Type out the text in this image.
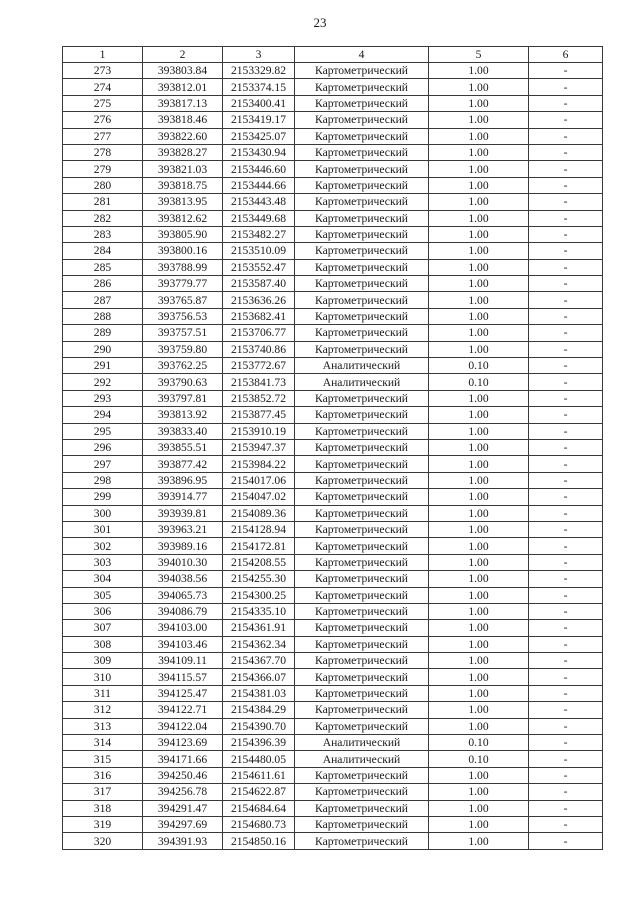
23
1	2	3	4	5	6
273	393803.84	2153329.82	Картометрический	1.00	-
274	393812.01	2153374.15	Картометрический	1.00	-
275	393817.13	2153400.41	Картометрический	1.00	-
276	393818.46	2153419.17	Картометрический	1.00	-
277	393822.60	2153425.07	Картометрический	1.00	-
278	393828.27	2153430.94	Картометрический	1.00	-
279	393821.03	2153446.60	Картометрический	1.00	-
280	393818.75	2153444.66	Картометрический	1.00	-
281	393813.95	2153443.48	Картометрический	1.00	-
282	393812.62	2153449.68	Картометрический	1.00	-
283	393805.90	2153482.27	Картометрический	1.00	-
284	393800.16	2153510.09	Картометрический	1.00	-
285	393788.99	2153552.47	Картометрический	1.00	-
286	393779.77	2153587.40	Картометрический	1.00	-
287	393765.87	2153636.26	Картометрический	1.00	-
288	393756.53	2153682.41	Картометрический	1.00	-
289	393757.51	2153706.77	Картометрический	1.00	-
290	393759.80	2153740.86	Картометрический	1.00	-
291	393762.25	2153772.67	Аналитический	0.10	-
292	393790.63	2153841.73	Аналитический	0.10	-
293	393797.81	2153852.72	Картометрический	1.00	-
294	393813.92	2153877.45	Картометрический	1.00	-
295	393833.40	2153910.19	Картометрический	1.00	-
296	393855.51	2153947.37	Картометрический	1.00	-
297	393877.42	2153984.22	Картометрический	1.00	-
298	393896.95	2154017.06	Картометрический	1.00	-
299	393914.77	2154047.02	Картометрический	1.00	-
300	393939.81	2154089.36	Картометрический	1.00	-
301	393963.21	2154128.94	Картометрический	1.00	-
302	393989.16	2154172.81	Картометрический	1.00	-
303	394010.30	2154208.55	Картометрический	1.00	-
304	394038.56	2154255.30	Картометрический	1.00	-
305	394065.73	2154300.25	Картометрический	1.00	-
306	394086.79	2154335.10	Картометрический	1.00	-
307	394103.00	2154361.91	Картометрический	1.00	-
308	394103.46	2154362.34	Картометрический	1.00	-
309	394109.11	2154367.70	Картометрический	1.00	-
310	394115.57	2154366.07	Картометрический	1.00	-
311	394125.47	2154381.03	Картометрический	1.00	-
312	394122.71	2154384.29	Картометрический	1.00	-
313	394122.04	2154390.70	Картометрический	1.00	-
314	394123.69	2154396.39	Аналитический	0.10	-
315	394171.66	2154480.05	Аналитический	0.10	-
316	394250.46	2154611.61	Картометрический	1.00	-
317	394256.78	2154622.87	Картометрический	1.00	-
318	394291.47	2154684.64	Картометрический	1.00	-
319	394297.69	2154680.73	Картометрический	1.00	-
320	394391.93	2154850.16	Картометрический	1.00	-
